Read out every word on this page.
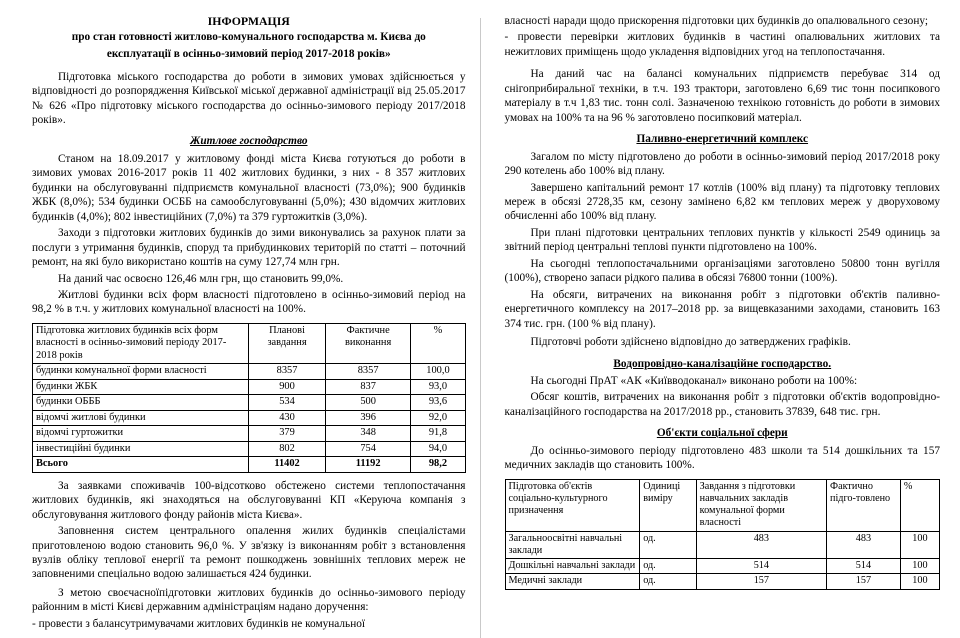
ІНФОРМАЦІЯ
про стан готовності житлово-комунального господарства м. Києва до
експлуатації в осінньо-зимовий період 2017-2018 років»

Підготовка міського господарства до роботи в зимових умовах здійснюється у відповідності до розпорядження Київської міської державної адміністрації від 25.05.2017 № 626 «Про підготовку міського господарства до осінньо-зимового періоду 2017/2018 років».

Житлове господарство

Станом на 18.09.2017 у житловому фонді міста Києва готуються до роботи в зимових умовах 2016-2017 років 11 402 житлових будинки, з них - 8 357 житлових будинки на обслуговуванні підприємств комунальної власності (73,0%); 900 будинків ЖБК (8,0%); 534 будинки ОСББ на самообслуговуванні (5,0%); 430 відомчих житлових будинків (4,0%); 802 інвестиційних (7,0%) та 379 гуртожитків (3,0%).

Заходи з підготовки житлових будинків до зими виконувались за рахунок плати за послуги з утримання будинків, споруд та прибудинкових територій по статті – поточний ремонт, на які було використано коштів на суму 127,74 млн грн.

На даний час освоєно 126,46 млн грн, що становить 99,0%.

Житлові будинки всіх форм власності підготовлено в осінньо-зимовий період на 98,2 % в т.ч. у житлових комунальної власності на 100%.

Підготовка житлових будинків всіх форм власності в осінньо-зимовий періоду 2017-2018 років	Планові завдання	Фактичне виконання	%
будинки комунальної форми власності	8357	8357	100,0
будинки ЖБК	900	837	93,0
будинки ОБББ	534	500	93,6
відомчі житлові будинки	430	396	92,0
відомчі гуртожитки	379	348	91,8
інвестиційні будинки	802	754	94,0
Всього	11402	11192	98,2

За заявками споживачів 100-відсотково обстежено системи теплопостачання житлових будинків, які знаходяться на обслуговуванні КП «Керуюча компанія з обслуговування житлового фонду районів міста Києва».

Заповнення систем центрального опалення жилих будинків спеціалістами приготовленою водою становить 96,0 %. У зв'язку із виконанням робіт з встановлення вузлів обліку теплової енергії та ремонт пошкоджень зовнішніх теплових мереж не заповненими спеціально водою залишається 424 будинки.

З метою своєчасноїпідготовки житлових будинків до осінньо-зимового періоду районним в місті Києві державним адміністраціям надано доручення:

- провести з балансутримувачами житлових будинків не комунальної

власності наради щодо прискорення підготовки цих будинків до опалювального сезону;

- провести перевірки житлових будинків в частині опалювальних житлових та нежитлових приміщень щодо укладення відповідних угод на теплопостачання.

На даний час на балансі комунальних підприємств перебуває 314 од снігоприбиральної техніки, в т.ч. 193 трактори, заготовлено 6,69 тис тонн посипкового матеріалу в т.ч 1,83 тис. тонн солі. Зазначеною технікою готовність до роботи в зимових умовах на 100% та на 96 % заготовлено посипковий матеріал.

Паливно-енергетичний комплекс

Загалом по місту підготовлено до роботи в осінньо-зимовий період 2017/2018 року 290 котелень або 100% від плану.

Завершено капітальний ремонт 17 котлів (100% від плану) та підготовку теплових мереж в обсязі 2728,35 км, сезону замінено 6,82 км теплових мереж у дворуховому обчисленні або 100% від плану.

При плані підготовки центральних теплових пунктів у кількості 2549 одиниць за звітний період центральні теплові пункти підготовлено на 100%.

На сьогодні теплопостачальними організаціями заготовлено 50800 тонн вугілля (100%), створено запаси рідкого палива в обсязі 76800 тонни (100%).

На обсяги, витрачених на виконання робіт з підготовки об'єктів паливно-енергетичного комплексу на 2017–2018 рр. за вищевказаними заходами, становить 163 374 тис. грн. (100 % від плану).

Підготовчі роботи здійснено відповідно до затверджених графіків.

Водопровідно-каналізаційне господарство.

На сьогодні ПрАТ «АК «Київводоканал» виконано роботи на 100%:

Обсяг коштів, витрачених на виконання робіт з підготовки об'єктів водопровідно-каналізаційного господарства на 2017/2018 рр., становить 37839, 648 тис. грн.

Об'єкти соціальної сфери

До осінньо-зимового періоду підготовлено 483 школи та 514 дошкільних та 157 медичних закладів що становить 100%.

Підготовка об'єктів соціально-культурного призначення	Одиниці виміру	Завдання з підготовки навчальних закладів комунальної форми власності	Фактично підго-товлено	%
Загальноосвітні навчальні заклади	од.	483	483	100
Дошкільні навчальні заклади	од.	514	514	100
Медичні заклади	од.	157	157	100
